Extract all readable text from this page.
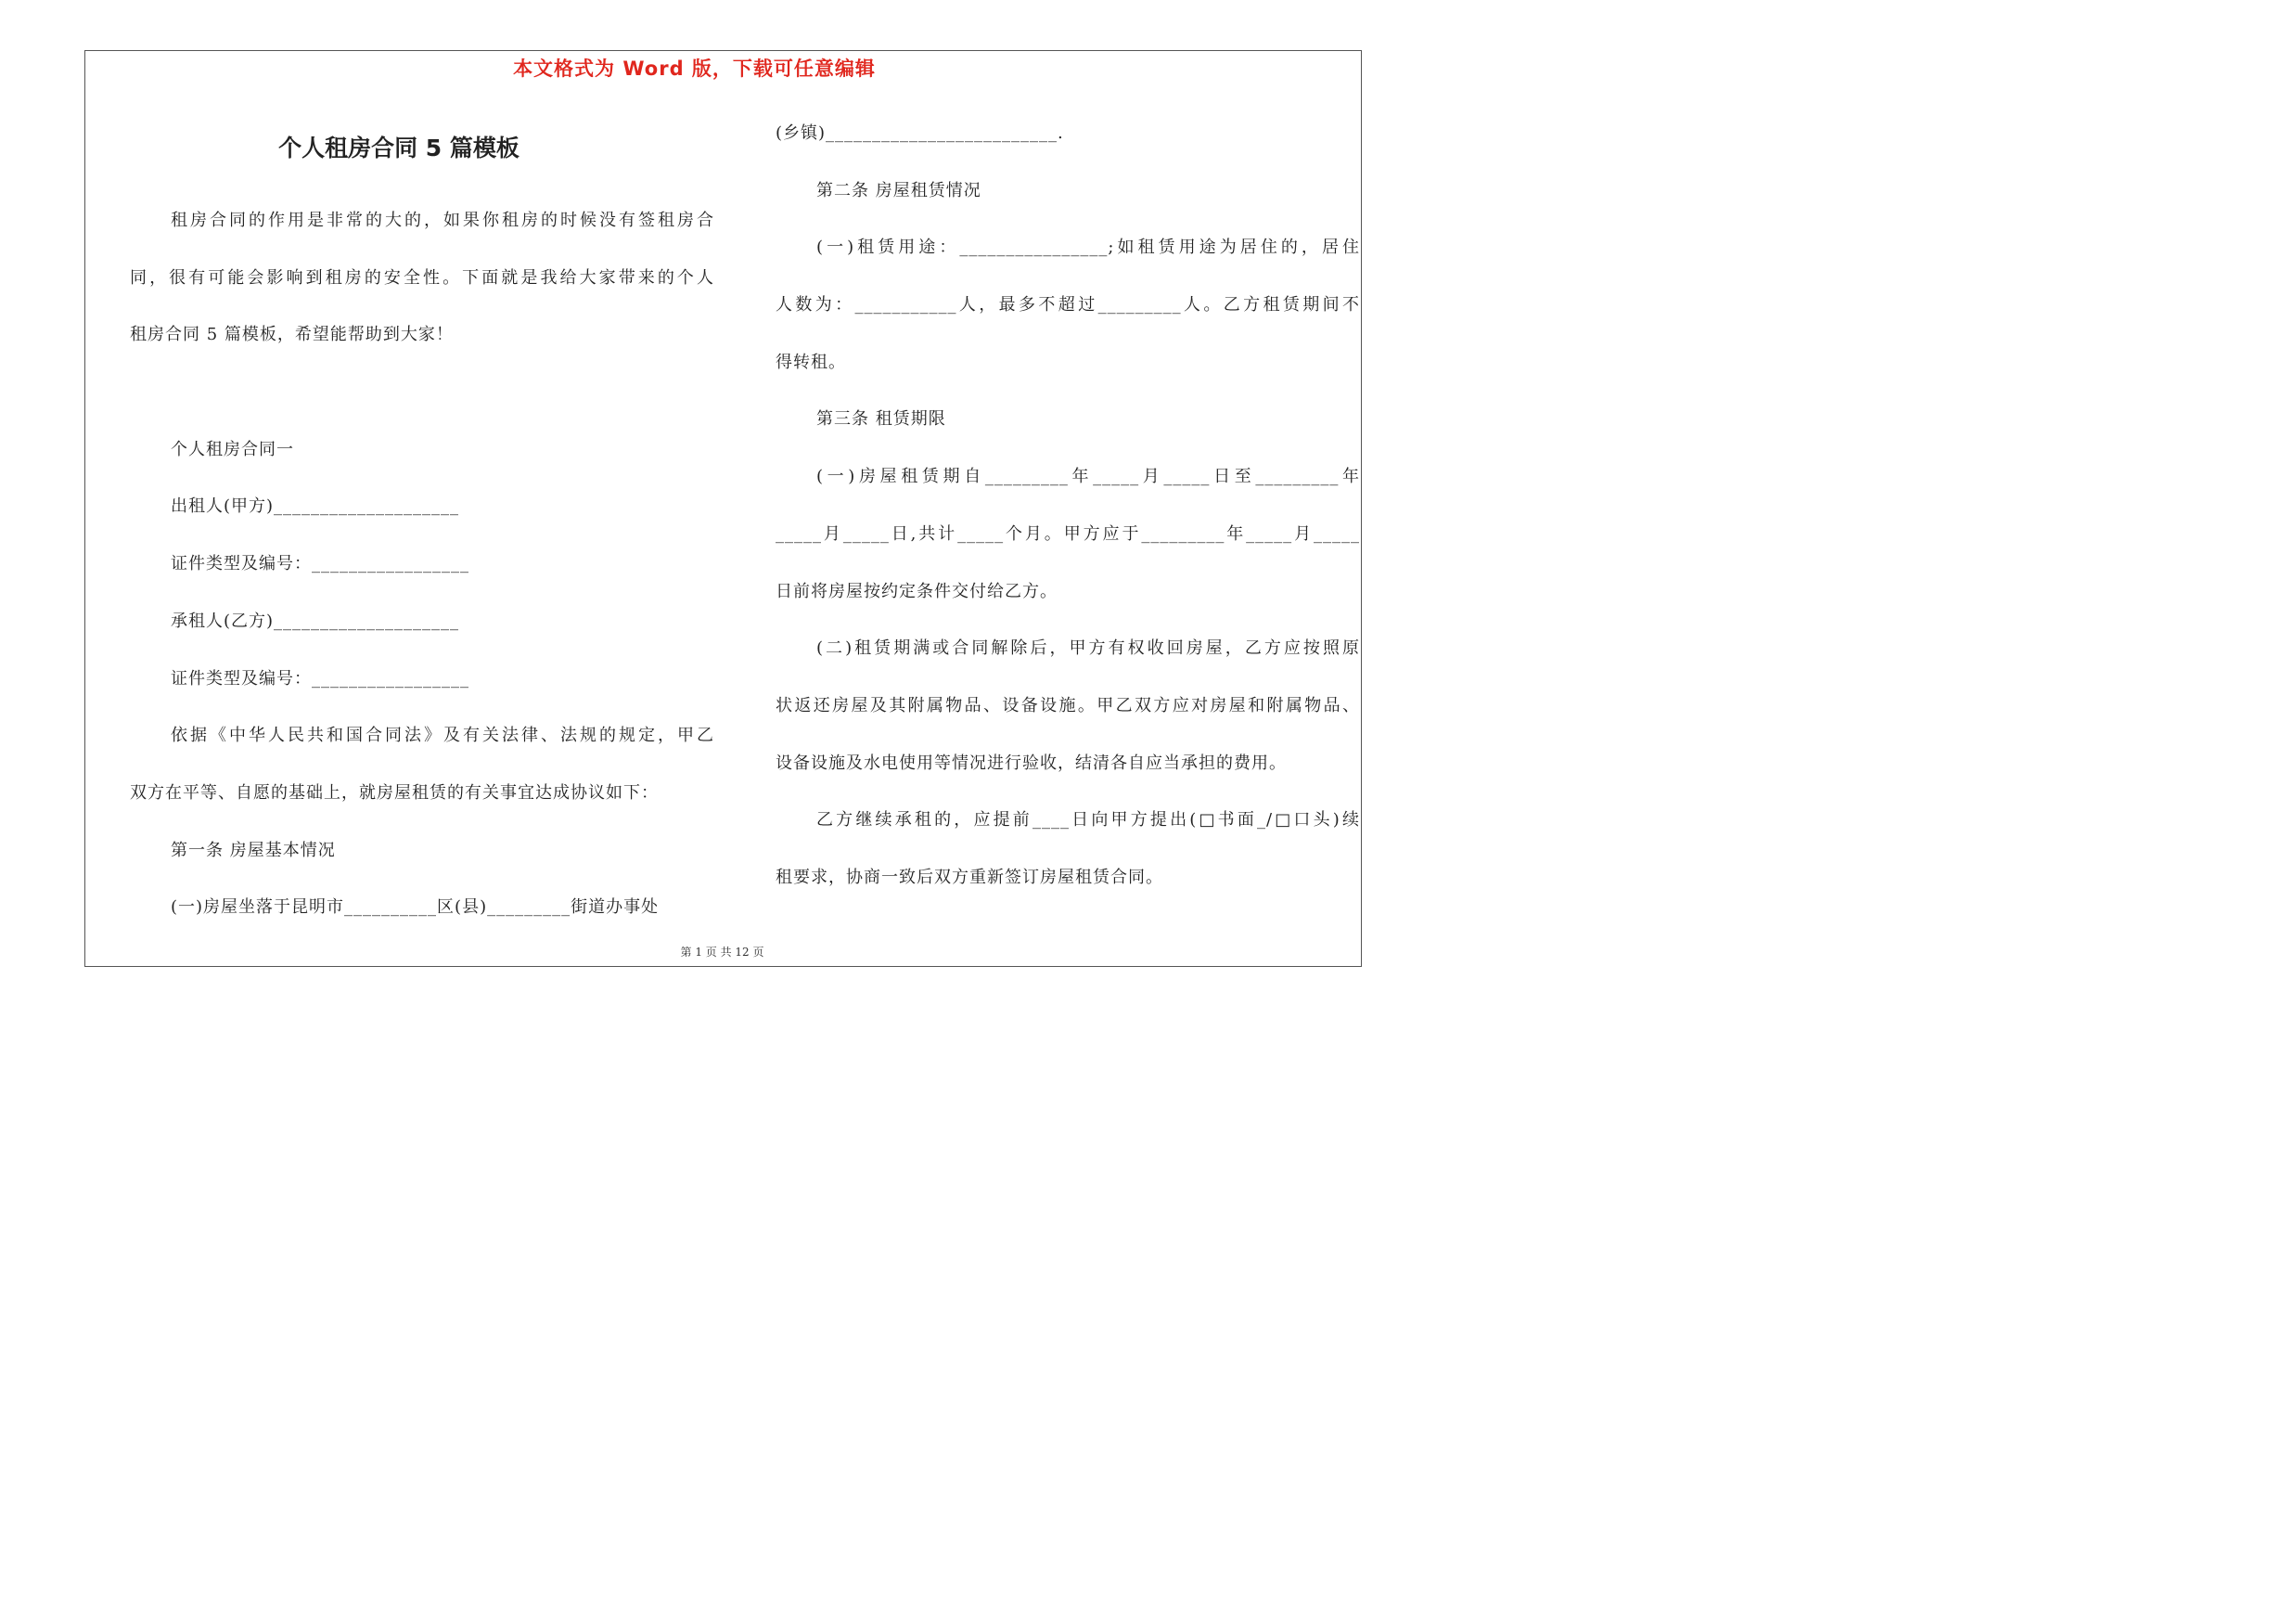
本文格式为 Word 版，下载可任意编辑
个人租房合同 5 篇模板

租房合同的作用是非常的大的，如果你租房的时候没有签租房合

同，很有可能会影响到租房的安全性。下面就是我给大家带来的个人

租房合同 5 篇模板，希望能帮助到大家！

个人租房合同一

出租人(甲方)____________________

证件类型及编号：_________________

承租人(乙方)____________________

证件类型及编号：_________________

依据《中华人民共和国合同法》及有关法律、法规的规定，甲乙

双方在平等、自愿的基础上，就房屋租赁的有关事宜达成协议如下：

第一条 房屋基本情况

(一)房屋坐落于昆明市__________区(县)_________街道办事处

(乡镇)_________________________.

第二条 房屋租赁情况

(一)租赁用途：________________;如租赁用途为居住的，居住

人数为：___________人，最多不超过_________人。乙方租赁期间不

得转租。

第三条 租赁期限

(一)房屋租赁期自_________年_____月_____日至_________年

_____月_____日,共计_____个月。甲方应于_________年_____月_____

日前将房屋按约定条件交付给乙方。

(二)租赁期满或合同解除后，甲方有权收回房屋，乙方应按照原

状返还房屋及其附属物品、设备设施。甲乙双方应对房屋和附属物品、

设备设施及水电使用等情况进行验收，结清各自应当承担的费用。

乙方继续承租的，应提前____日向甲方提出(□书面_/□口头)续

租要求，协商一致后双方重新签订房屋租赁合同。

第 1 页 共 12 页
